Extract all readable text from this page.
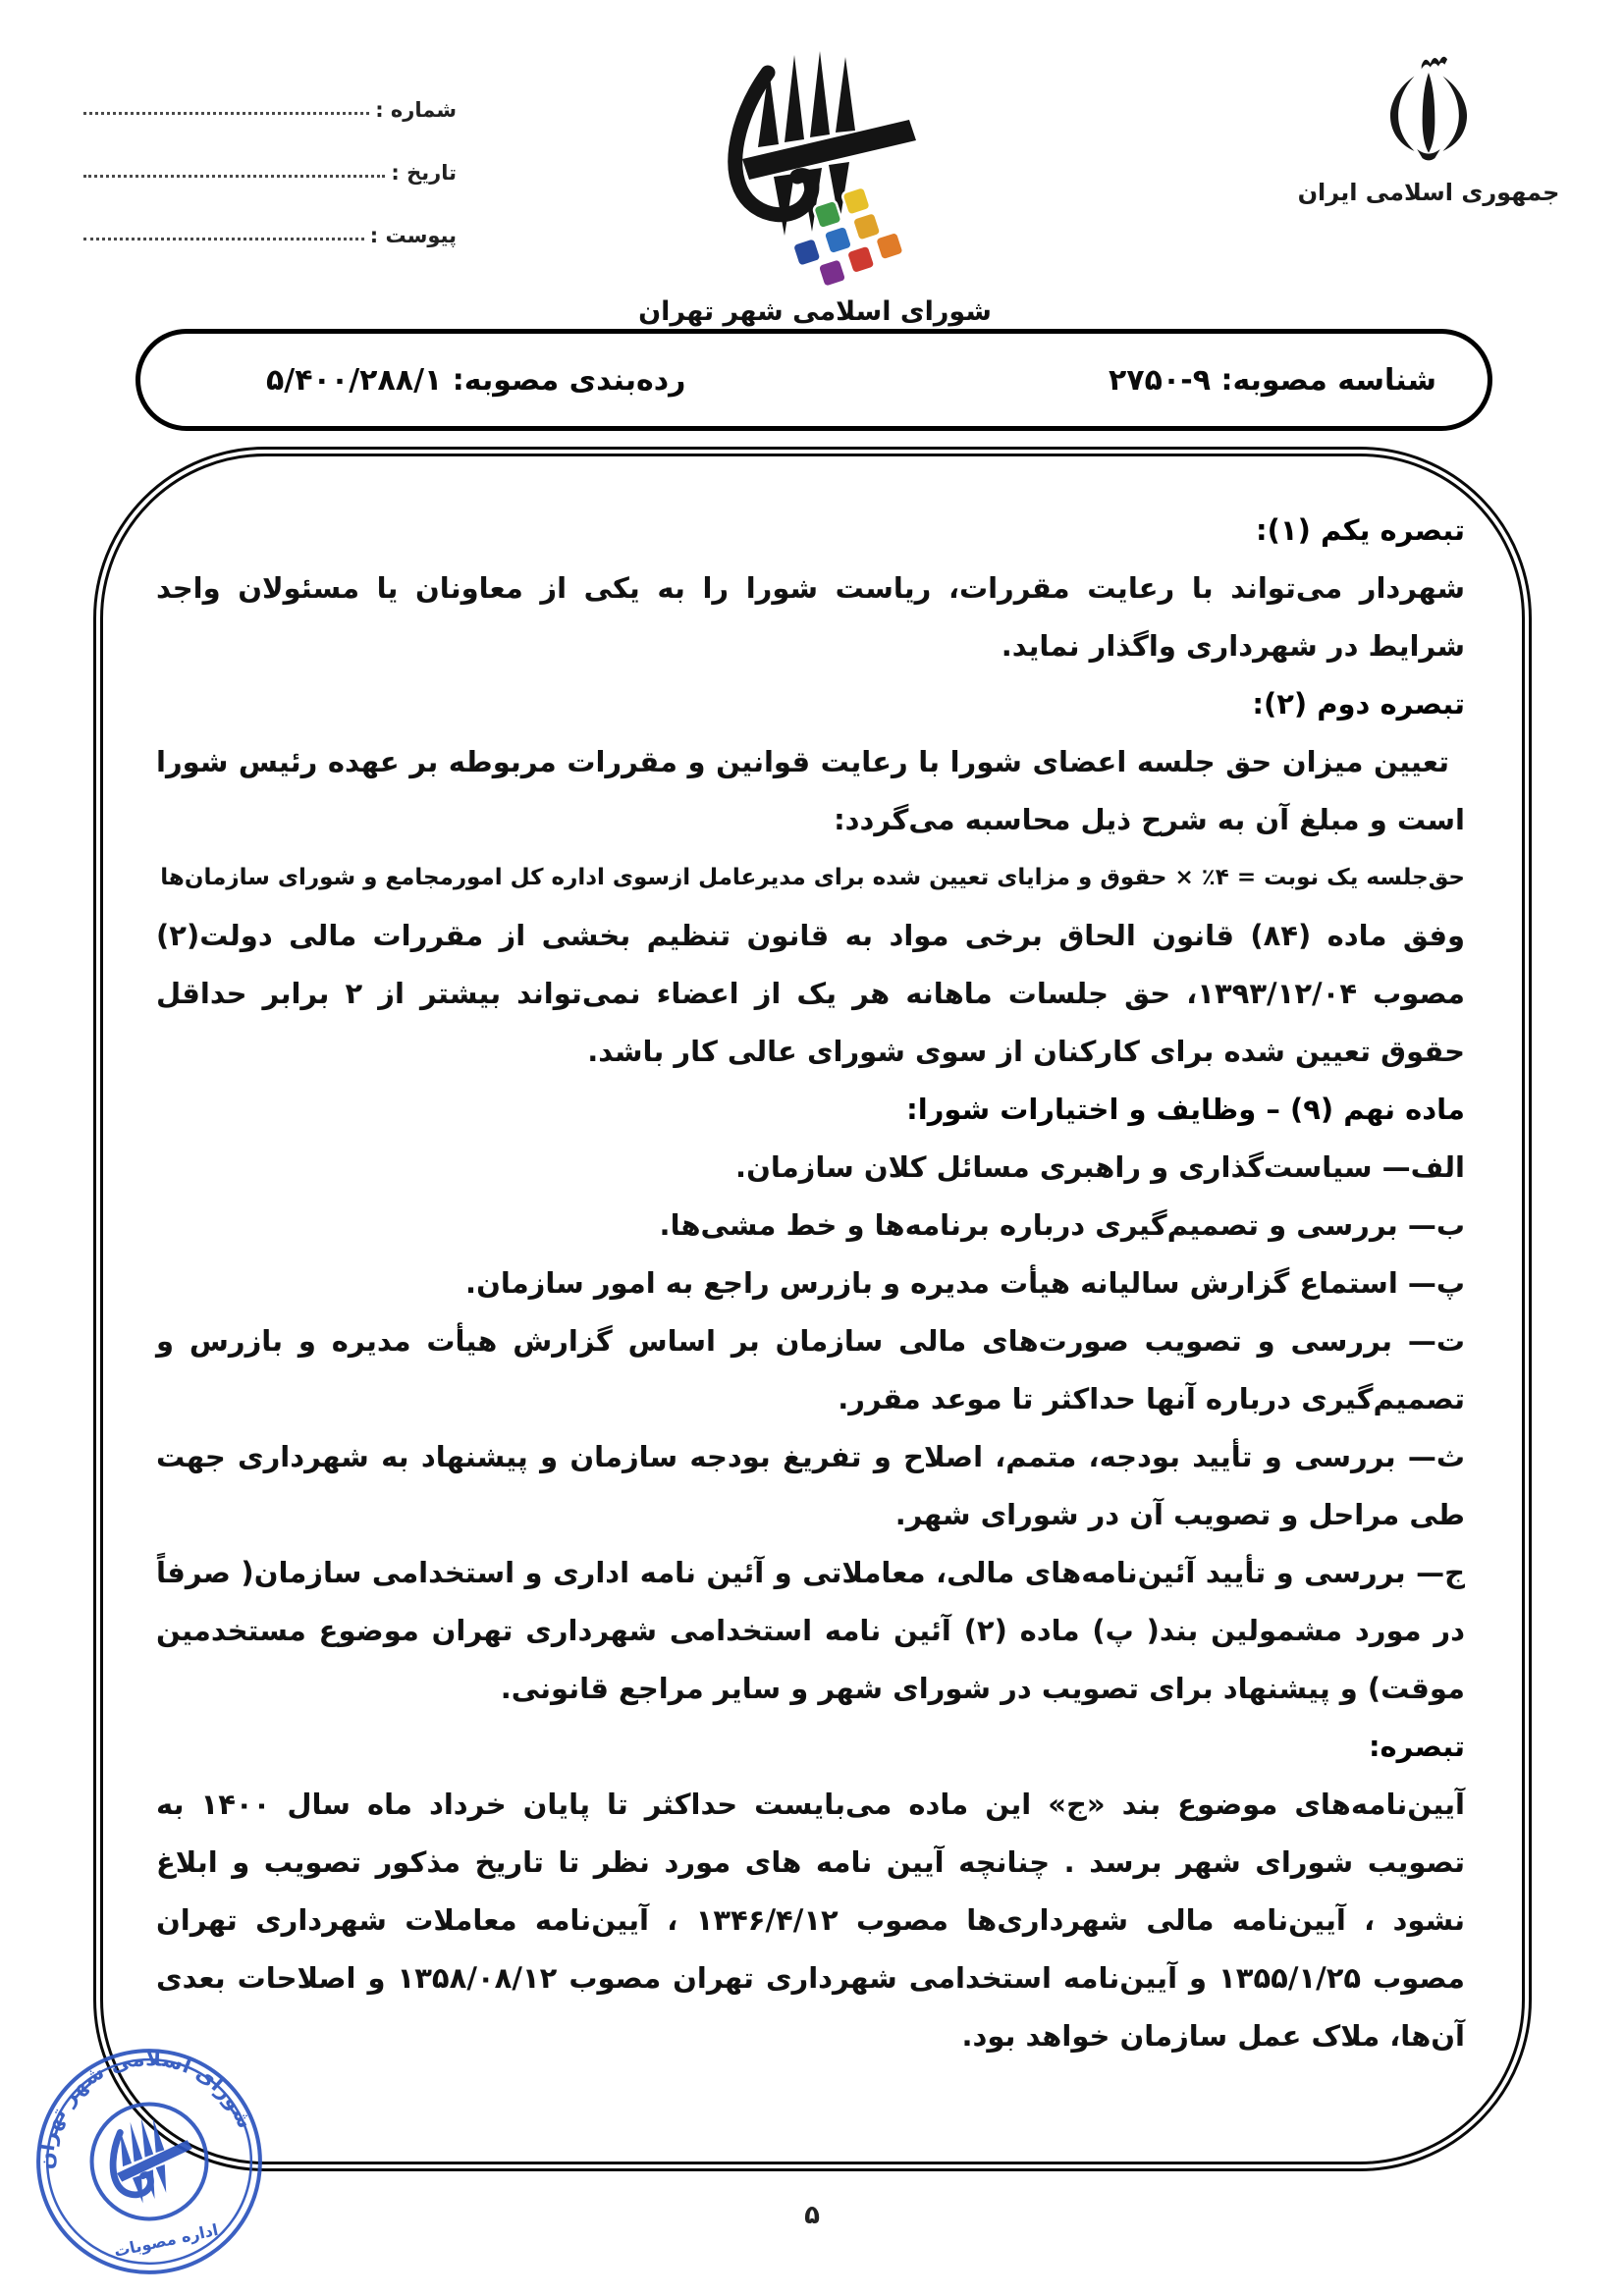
شماره :
تاریخ :
پیوست :
شورای اسلامی شهر تهران
جمهوری اسلامی ایران
شناسه مصوبه: ۹-۲۷۵۰
رده‌بندی مصوبه: ۵/۴۰۰/۲۸۸/۱

تبصره یکم (۱):

شهردار می‌تواند با رعایت مقررات، ریاست شورا را به یکی از معاونان یا مسئولان واجد شرایط در شهرداری واگذار نماید.

تبصره دوم (۲):

تعیین میزان حق جلسه اعضای شورا با رعایت قوانین و مقررات مربوطه بر عهده رئیس شورا است و مبلغ آن به شرح ذیل محاسبه می‌گردد:

حق‌جلسه یک نوبت = ۴٪ × حقوق و مزایای تعیین شده برای مدیرعامل ازسوی اداره کل امورمجامع و شورای سازمان‌ها

وفق ماده (۸۴) قانون الحاق برخی مواد به قانون تنظیم بخشی از مقررات مالی دولت(۲) مصوب ۱۳۹۳/۱۲/۰۴، حق جلسات ماهانه هر یک از اعضاء نمی‌تواند بیشتر از ۲ برابر حداقل حقوق تعیین شده برای کارکنان از سوی شورای عالی کار باشد.

ماده نهم (۹) – وظایف و اختیارات شورا:

الف— سیاست‌گذاری و راهبری مسائل کلان سازمان.

ب— بررسی و تصمیم‌گیری درباره برنامه‌ها و خط مشی‌ها.

پ— استماع گزارش سالیانه هیأت مدیره و بازرس راجع به امور سازمان.

ت— بررسی و تصویب صورت‌های مالی سازمان بر اساس گزارش هیأت مدیره و بازرس و تصمیم‌گیری درباره آنها حداکثر تا موعد مقرر.

ث— بررسی و تأیید بودجه، متمم، اصلاح و تفریغ بودجه سازمان و پیشنهاد به شهرداری جهت طی مراحل و تصویب آن در شورای شهر.

ج— بررسی و تأیید آئین‌نامه‌های مالی، معاملاتی و آئین نامه اداری و استخدامی سازمان( صرفاً در مورد مشمولین بند( پ) ماده (۲) آئین نامه استخدامی شهرداری تهران موضوع مستخدمین موقت) و پیشنهاد برای تصویب در شورای شهر و سایر مراجع قانونی.

تبصره:

آیین‌نامه‌های موضوع بند «ج» این ماده می‌بایست حداکثر تا پایان خرداد ماه سال ۱۴۰۰ به تصویب شورای شهر برسد . چنانچه آیین نامه های مورد نظر تا تاریخ مذکور تصویب و ابلاغ نشود ، آیین‌نامه مالی شهرداری‌ها مصوب ۱۳۴۶/۴/۱۲ ، آیین‌نامه معاملات شهرداری تهران مصوب ۱۳۵۵/۱/۲۵ و آیین‌نامه استخدامی شهرداری تهران مصوب ۱۳۵۸/۰۸/۱۲ و اصلاحات بعدی آن‌ها، ملاک عمل سازمان خواهد بود.

شورای اسلامی شهر تهران
اداره مصوبات
۵
